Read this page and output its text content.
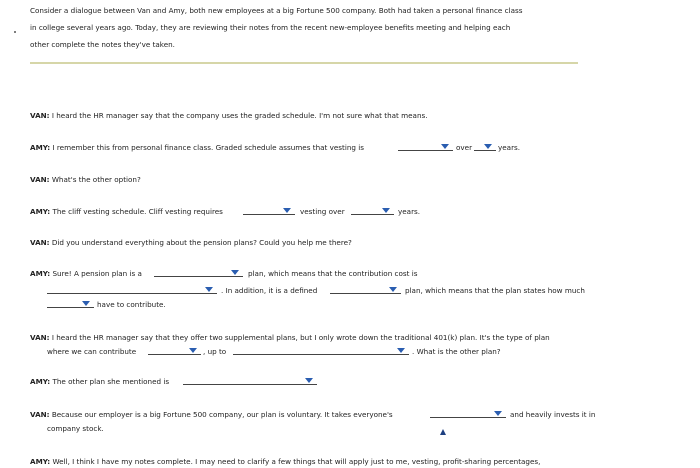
Consider a dialogue between Van and Amy, both new employees at a big Fortune 500 company. Both had taken a personal finance class
in college several years ago. Today, they are reviewing their notes from the recent new-employee benefits meeting and helping each
other complete the notes they've taken.
VAN: I heard the HR manager say that the company uses the graded schedule. I'm not sure what that means.
AMY: I remember this from personal finance class. Graded schedule assumes that vesting is	over	years.
VAN: What's the other option?
AMY: The cliff vesting schedule. Cliff vesting requires	vesting over	years.
VAN: Did you understand everything about the pension plans? Could you help me there?
AMY: Sure! A pension plan is a	plan, which means that the contribution cost is
. In addition, it is a defined	plan, which means that the plan states how much
have to contribute.
VAN: I heard the HR manager say that they offer two supplemental plans, but I only wrote down the traditional 401(k) plan. It's the type of plan
where we can contribute	, up to	. What is the other plan?
AMY: The other plan she mentioned is
VAN: Because our employer is a big Fortune 500 company, our plan is voluntary. It takes everyone's	and heavily invests it in
company stock.
AMY: Well, I think I have my notes complete. I may need to clarify a few things that will apply just to me, vesting, profit-sharing percentages,
